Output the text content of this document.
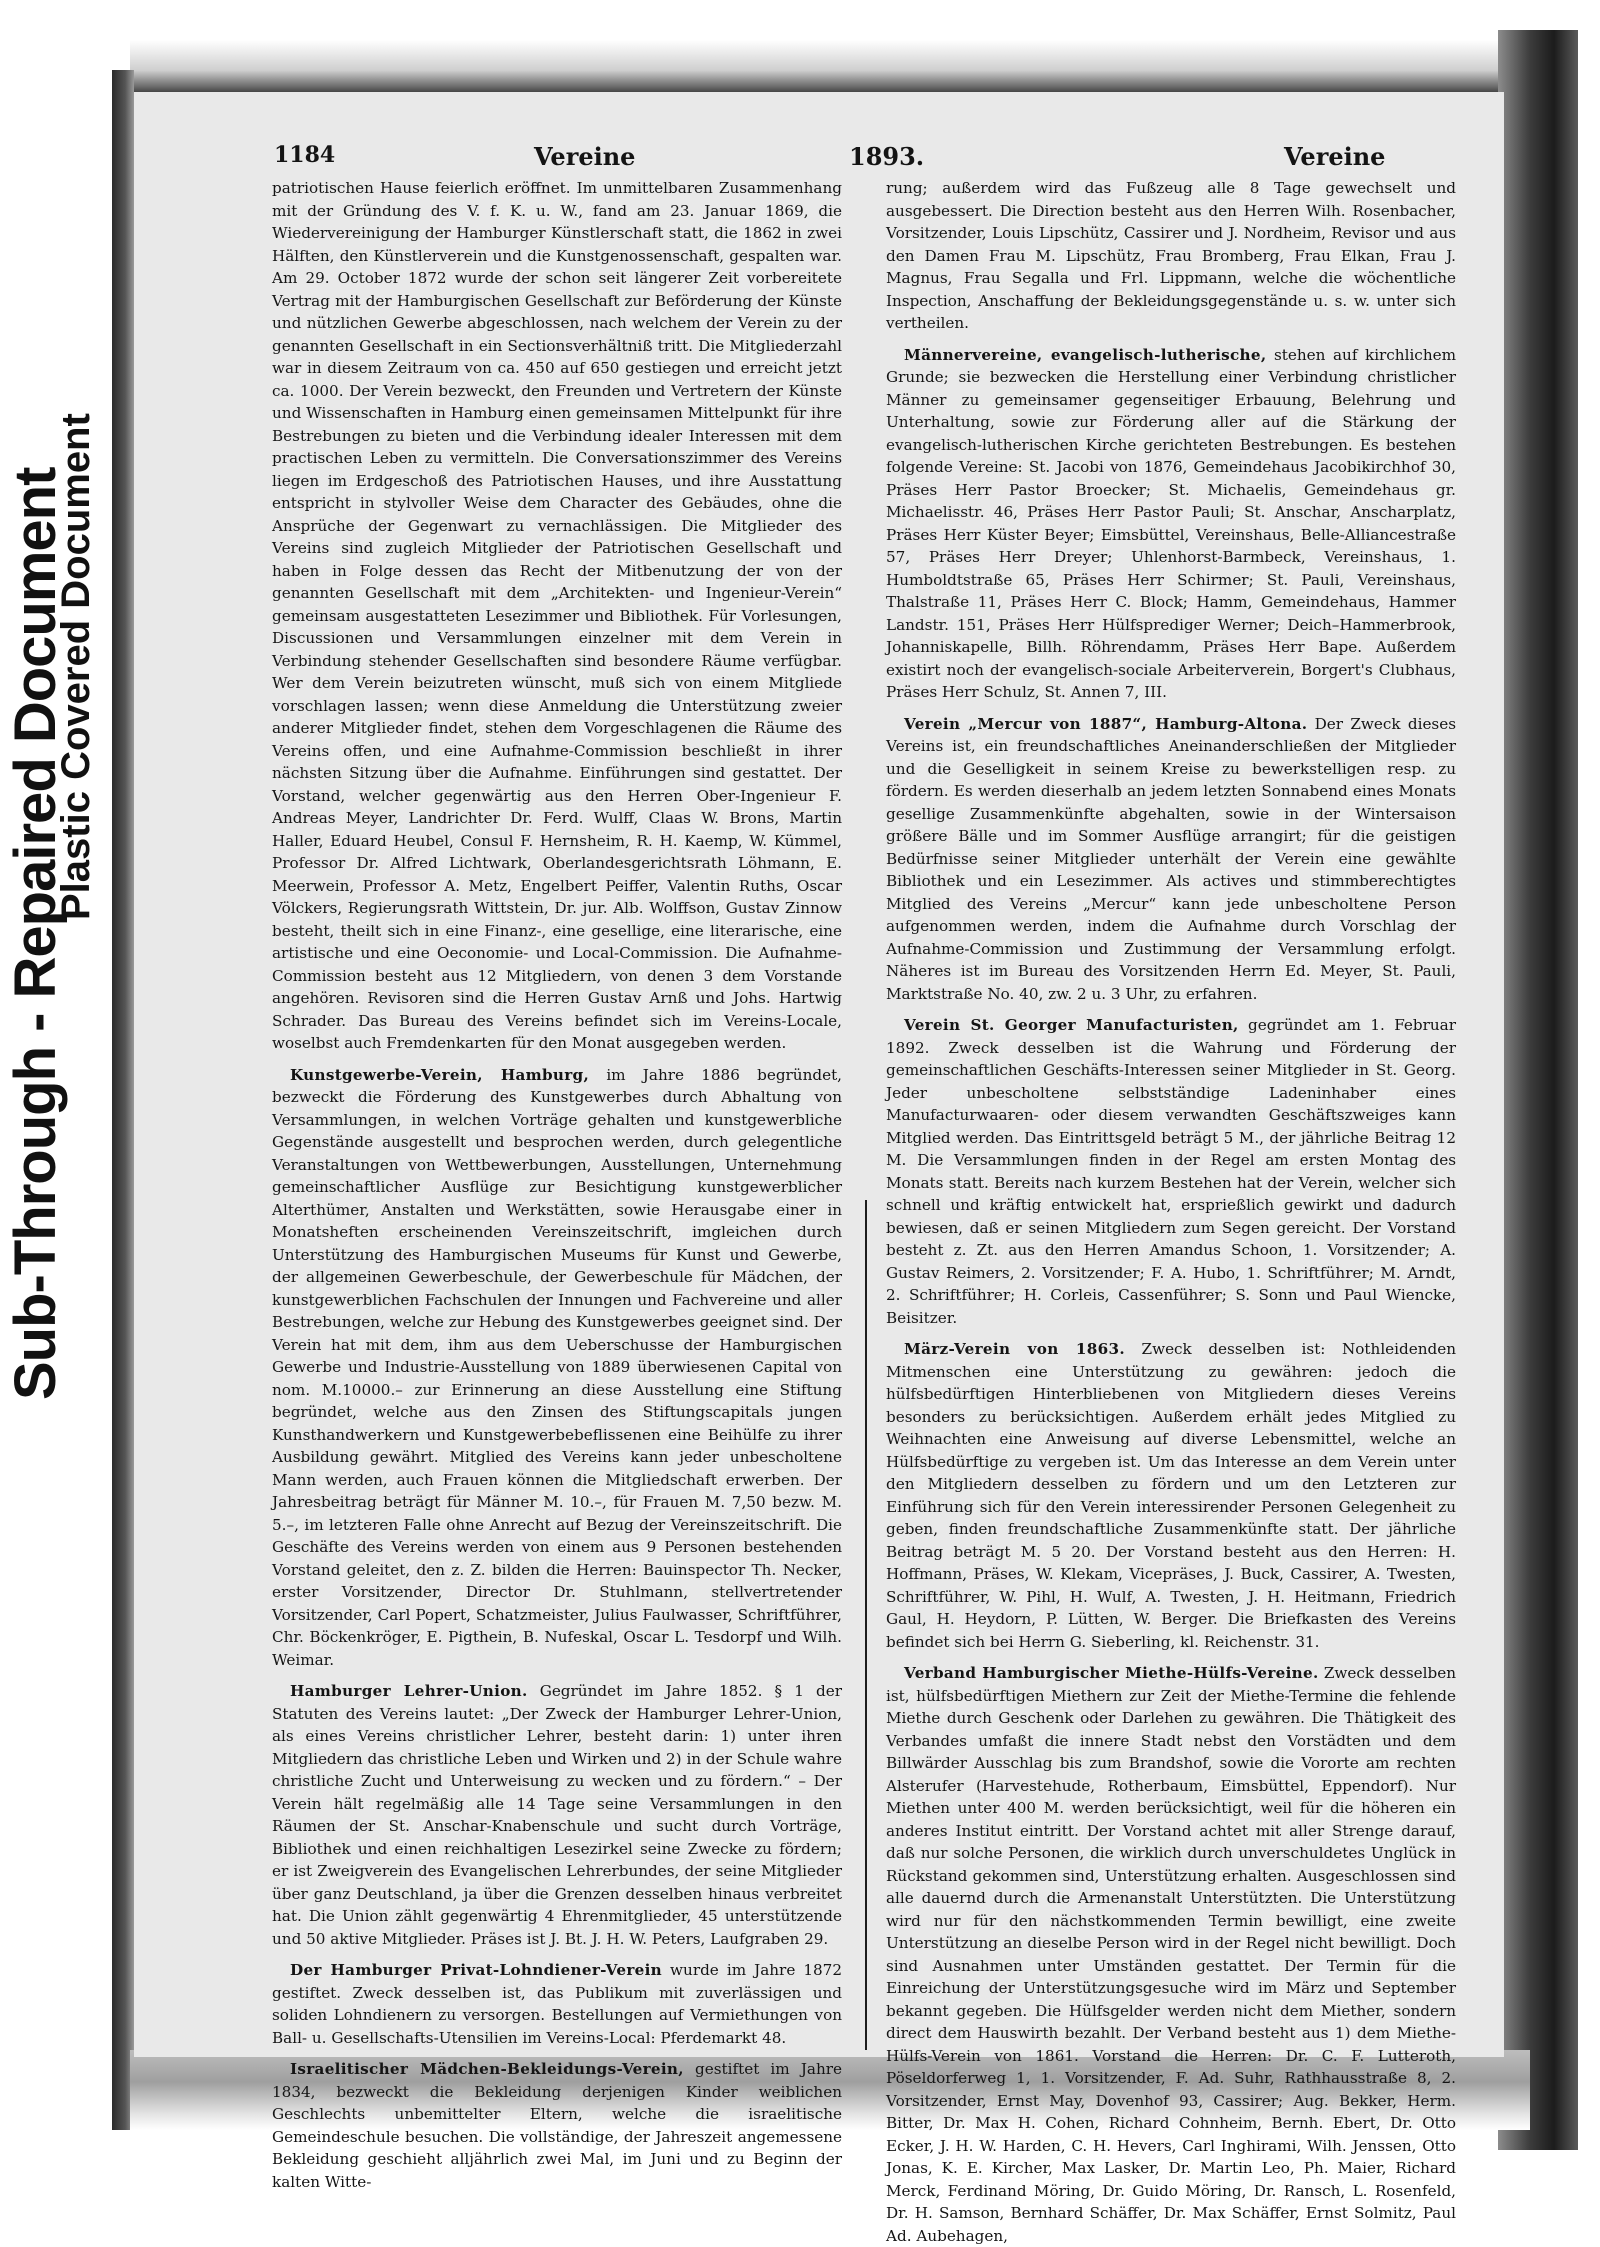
Sub-Through - Repaired Document
Plastic Covered Document
1184	Vereine	1893.	Vereine

patriotischen Hause feierlich eröffnet. Im unmittelbaren Zusammenhang mit der Gründung des V. f. K. u. W., fand am 23. Januar 1869, die Wiedervereinigung der Hamburger Künstlerschaft statt, die 1862 in zwei Hälften, den Künstlerverein und die Kunstgenossenschaft, gespalten war. Am 29. October 1872 wurde der schon seit längerer Zeit vorbereitete Vertrag mit der Hamburgischen Gesellschaft zur Beförderung der Künste und nützlichen Gewerbe abgeschlossen, nach welchem der Verein zu der genannten Gesellschaft in ein Sectionsverhältniß tritt. Die Mitgliederzahl war in diesem Zeitraum von ca. 450 auf 650 gestiegen und erreicht jetzt ca. 1000. Der Verein bezweckt, den Freunden und Vertretern der Künste und Wissenschaften in Hamburg einen gemeinsamen Mittelpunkt für ihre Bestrebungen zu bieten und die Verbindung idealer Interessen mit dem practischen Leben zu vermitteln. Die Conversationszimmer des Vereins liegen im Erdgeschoß des Patriotischen Hauses, und ihre Ausstattung entspricht in stylvoller Weise dem Character des Gebäudes, ohne die Ansprüche der Gegenwart zu vernachlässigen. Die Mitglieder des Vereins sind zugleich Mitglieder der Patriotischen Gesellschaft und haben in Folge dessen das Recht der Mitbenutzung der von der genannten Gesellschaft mit dem „Architekten- und Ingenieur-Verein“ gemeinsam ausgestatteten Lesezimmer und Bibliothek. Für Vorlesungen, Discussionen und Versammlungen einzelner mit dem Verein in Verbindung stehender Gesellschaften sind besondere Räume verfügbar. Wer dem Verein beizutreten wünscht, muß sich von einem Mitgliede vorschlagen lassen; wenn diese Anmeldung die Unterstützung zweier anderer Mitglieder findet, stehen dem Vorgeschlagenen die Räume des Vereins offen, und eine Aufnahme-Commission beschließt in ihrer nächsten Sitzung über die Aufnahme. Einführungen sind gestattet. Der Vorstand, welcher gegenwärtig aus den Herren Ober-Ingenieur F. Andreas Meyer, Landrichter Dr. Ferd. Wulff, Claas W. Brons, Martin Haller, Eduard Heubel, Consul F. Hernsheim, R. H. Kaemp, W. Kümmel, Professor Dr. Alfred Lichtwark, Oberlandesgerichtsrath Löhmann, E. Meerwein, Professor A. Metz, Engelbert Peiffer, Valentin Ruths, Oscar Völckers, Regierungsrath Wittstein, Dr. jur. Alb. Wolffson, Gustav Zinnow besteht, theilt sich in eine Finanz-, eine gesellige, eine literarische, eine artistische und eine Oeconomie- und Local-Commission. Die Aufnahme-Commission besteht aus 12 Mitgliedern, von denen 3 dem Vorstande angehören. Revisoren sind die Herren Gustav Arnß und Johs. Hartwig Schrader. Das Bureau des Vereins befindet sich im Vereins-Locale, woselbst auch Fremdenkarten für den Monat ausgegeben werden.

Kunstgewerbe-Verein, Hamburg, im Jahre 1886 begründet, bezweckt die Förderung des Kunstgewerbes durch Abhaltung von Versammlungen, in welchen Vorträge gehalten und kunstgewerbliche Gegenstände ausgestellt und besprochen werden, durch gelegentliche Veranstaltungen von Wettbewerbungen, Ausstellungen, Unternehmung gemeinschaftlicher Ausflüge zur Besichtigung kunstgewerblicher Alterthümer, Anstalten und Werkstätten, sowie Herausgabe einer in Monatsheften erscheinenden Vereinszeitschrift, imgleichen durch Unterstützung des Hamburgischen Museums für Kunst und Gewerbe, der allgemeinen Gewerbeschule, der Gewerbeschule für Mädchen, der kunstgewerblichen Fachschulen der Innungen und Fachvereine und aller Bestrebungen, welche zur Hebung des Kunstgewerbes geeignet sind. Der Verein hat mit dem, ihm aus dem Ueberschusse der Hamburgischen Gewerbe und Industrie-Ausstellung von 1889 überwiesenen Capital von nom. M.10000.– zur Erinnerung an diese Ausstellung eine Stiftung begründet, welche aus den Zinsen des Stiftungscapitals jungen Kunsthandwerkern und Kunstgewerbebeflissenen eine Beihülfe zu ihrer Ausbildung gewährt. Mitglied des Vereins kann jeder unbescholtene Mann werden, auch Frauen können die Mitgliedschaft erwerben. Der Jahresbeitrag beträgt für Männer M. 10.–, für Frauen M. 7,50 bezw. M. 5.–, im letzteren Falle ohne Anrecht auf Bezug der Vereinszeitschrift. Die Geschäfte des Vereins werden von einem aus 9 Personen bestehenden Vorstand geleitet, den z. Z. bilden die Herren: Bauinspector Th. Necker, erster Vorsitzender, Director Dr. Stuhlmann, stellvertretender Vorsitzender, Carl Popert, Schatzmeister, Julius Faulwasser, Schriftführer, Chr. Böckenkröger, E. Pigthein, B. Nufeskal, Oscar L. Tesdorpf und Wilh. Weimar.

Hamburger Lehrer-Union. Gegründet im Jahre 1852. § 1 der Statuten des Vereins lautet: „Der Zweck der Hamburger Lehrer-Union, als eines Vereins christlicher Lehrer, besteht darin: 1) unter ihren Mitgliedern das christliche Leben und Wirken und 2) in der Schule wahre christliche Zucht und Unterweisung zu wecken und zu fördern.“ – Der Verein hält regelmäßig alle 14 Tage seine Versammlungen in den Räumen der St. Anschar-Knabenschule und sucht durch Vorträge, Bibliothek und einen reichhaltigen Lesezirkel seine Zwecke zu fördern; er ist Zweigverein des Evangelischen Lehrerbundes, der seine Mitglieder über ganz Deutschland, ja über die Grenzen desselben hinaus verbreitet hat. Die Union zählt gegenwärtig 4 Ehrenmitglieder, 45 unterstützende und 50 aktive Mitglieder. Präses ist J. Bt. J. H. W. Peters, Laufgraben 29.

Der Hamburger Privat-Lohndiener-Verein wurde im Jahre 1872 gestiftet. Zweck desselben ist, das Publikum mit zuverlässigen und soliden Lohndienern zu versorgen. Bestellungen auf Vermiethungen von Ball- u. Gesellschafts-Utensilien im Vereins-Local: Pferdemarkt 48.

Israelitischer Mädchen-Bekleidungs-Verein, gestiftet im Jahre 1834, bezweckt die Bekleidung derjenigen Kinder weiblichen Geschlechts unbemittelter Eltern, welche die israelitische Gemeindeschule besuchen. Die vollständige, der Jahreszeit angemessene Bekleidung geschieht alljährlich zwei Mal, im Juni und zu Beginn der kalten Witte-

rung; außerdem wird das Fußzeug alle 8 Tage gewechselt und ausgebessert. Die Direction besteht aus den Herren Wilh. Rosenbacher, Vorsitzender, Louis Lipschütz, Cassirer und J. Nordheim, Revisor und aus den Damen Frau M. Lipschütz, Frau Bromberg, Frau Elkan, Frau J. Magnus, Frau Segalla und Frl. Lippmann, welche die wöchentliche Inspection, Anschaffung der Bekleidungsgegenstände u. s. w. unter sich vertheilen.

Männervereine, evangelisch-lutherische, stehen auf kirchlichem Grunde; sie bezwecken die Herstellung einer Verbindung christlicher Männer zu gemeinsamer gegenseitiger Erbauung, Belehrung und Unterhaltung, sowie zur Förderung aller auf die Stärkung der evangelisch-lutherischen Kirche gerichteten Bestrebungen. Es bestehen folgende Vereine: St. Jacobi von 1876, Gemeindehaus Jacobikirchhof 30, Präses Herr Pastor Broecker; St. Michaelis, Gemeindehaus gr. Michaelisstr. 46, Präses Herr Pastor Pauli; St. Anschar, Anscharplatz, Präses Herr Küster Beyer; Eimsbüttel, Vereinshaus, Belle-Alliancestraße 57, Präses Herr Dreyer; Uhlenhorst-Barmbeck, Vereinshaus, 1. Humboldtstraße 65, Präses Herr Schirmer; St. Pauli, Vereinshaus, Thalstraße 11, Präses Herr C. Block; Hamm, Gemeindehaus, Hammer Landstr. 151, Präses Herr Hülfsprediger Werner; Deich–Hammerbrook, Johanniskapelle, Billh. Röhrendamm, Präses Herr Bape. Außerdem existirt noch der evangelisch-sociale Arbeiterverein, Borgert's Clubhaus, Präses Herr Schulz, St. Annen 7, III.

Verein „Mercur von 1887“, Hamburg-Altona. Der Zweck dieses Vereins ist, ein freundschaftliches Aneinanderschließen der Mitglieder und die Geselligkeit in seinem Kreise zu bewerkstelligen resp. zu fördern. Es werden dieserhalb an jedem letzten Sonnabend eines Monats gesellige Zusammenkünfte abgehalten, sowie in der Wintersaison größere Bälle und im Sommer Ausflüge arrangirt; für die geistigen Bedürfnisse seiner Mitglieder unterhält der Verein eine gewählte Bibliothek und ein Lesezimmer. Als actives und stimmberechtigtes Mitglied des Vereins „Mercur“ kann jede unbescholtene Person aufgenommen werden, indem die Aufnahme durch Vorschlag der Aufnahme-Commission und Zustimmung der Versammlung erfolgt. Näheres ist im Bureau des Vorsitzenden Herrn Ed. Meyer, St. Pauli, Marktstraße No. 40, zw. 2 u. 3 Uhr, zu erfahren.

Verein St. Georger Manufacturisten, gegründet am 1. Februar 1892. Zweck desselben ist die Wahrung und Förderung der gemeinschaftlichen Geschäfts-Interessen seiner Mitglieder in St. Georg. Jeder unbescholtene selbstständige Ladeninhaber eines Manufacturwaaren- oder diesem verwandten Geschäftszweiges kann Mitglied werden. Das Eintrittsgeld beträgt 5 M., der jährliche Beitrag 12 M. Die Versammlungen finden in der Regel am ersten Montag des Monats statt. Bereits nach kurzem Bestehen hat der Verein, welcher sich schnell und kräftig entwickelt hat, ersprießlich gewirkt und dadurch bewiesen, daß er seinen Mitgliedern zum Segen gereicht. Der Vorstand besteht z. Zt. aus den Herren Amandus Schoon, 1. Vorsitzender; A. Gustav Reimers, 2. Vorsitzender; F. A. Hubo, 1. Schriftführer; M. Arndt, 2. Schriftführer; H. Corleis, Cassenführer; S. Sonn und Paul Wiencke, Beisitzer.

März-Verein von 1863. Zweck desselben ist: Nothleidenden Mitmenschen eine Unterstützung zu gewähren: jedoch die hülfsbedürftigen Hinterbliebenen von Mitgliedern dieses Vereins besonders zu berücksichtigen. Außerdem erhält jedes Mitglied zu Weihnachten eine Anweisung auf diverse Lebensmittel, welche an Hülfsbedürftige zu vergeben ist. Um das Interesse an dem Verein unter den Mitgliedern desselben zu fördern und um den Letzteren zur Einführung sich für den Verein interessirender Personen Gelegenheit zu geben, finden freundschaftliche Zusammenkünfte statt. Der jährliche Beitrag beträgt M. 5 20. Der Vorstand besteht aus den Herren: H. Hoffmann, Präses, W. Klekam, Vicepräses, J. Buck, Cassirer, A. Twesten, Schriftführer, W. Pihl, H. Wulf, A. Twesten, J. H. Heitmann, Friedrich Gaul, H. Heydorn, P. Lütten, W. Berger. Die Briefkasten des Vereins befindet sich bei Herrn G. Sieberling, kl. Reichenstr. 31.

Verband Hamburgischer Miethe-Hülfs-Vereine. Zweck desselben ist, hülfsbedürftigen Miethern zur Zeit der Miethe-Termine die fehlende Miethe durch Geschenk oder Darlehen zu gewähren. Die Thätigkeit des Verbandes umfaßt die innere Stadt nebst den Vorstädten und dem Billwärder Ausschlag bis zum Brandshof, sowie die Vororte am rechten Alsterufer (Harvestehude, Rotherbaum, Eimsbüttel, Eppendorf). Nur Miethen unter 400 M. werden berücksichtigt, weil für die höheren ein anderes Institut eintritt. Der Vorstand achtet mit aller Strenge darauf, daß nur solche Personen, die wirklich durch unverschuldetes Unglück in Rückstand gekommen sind, Unterstützung erhalten. Ausgeschlossen sind alle dauernd durch die Armenanstalt Unterstützten. Die Unterstützung wird nur für den nächstkommenden Termin bewilligt, eine zweite Unterstützung an dieselbe Person wird in der Regel nicht bewilligt. Doch sind Ausnahmen unter Umständen gestattet. Der Termin für die Einreichung der Unterstützungsgesuche wird im März und September bekannt gegeben. Die Hülfsgelder werden nicht dem Miether, sondern direct dem Hauswirth bezahlt. Der Verband besteht aus 1) dem Miethe-Hülfs-Verein von 1861. Vorstand die Herren: Dr. C. F. Lutteroth, Pöseldorferweg 1, 1. Vorsitzender, F. Ad. Suhr, Rathhausstraße 8, 2. Vorsitzender, Ernst May, Dovenhof 93, Cassirer; Aug. Bekker, Herm. Bitter, Dr. Max H. Cohen, Richard Cohnheim, Bernh. Ebert, Dr. Otto Ecker, J. H. W. Harden, C. H. Hevers, Carl Inghirami, Wilh. Jenssen, Otto Jonas, K. E. Kircher, Max Lasker, Dr. Martin Leo, Ph. Maier, Richard Merck, Ferdinand Möring, Dr. Guido Möring, Dr. Ransch, L. Rosenfeld, Dr. H. Samson, Bernhard Schäffer, Dr. Max Schäffer, Ernst Solmitz, Paul Ad. Aubehagen,
